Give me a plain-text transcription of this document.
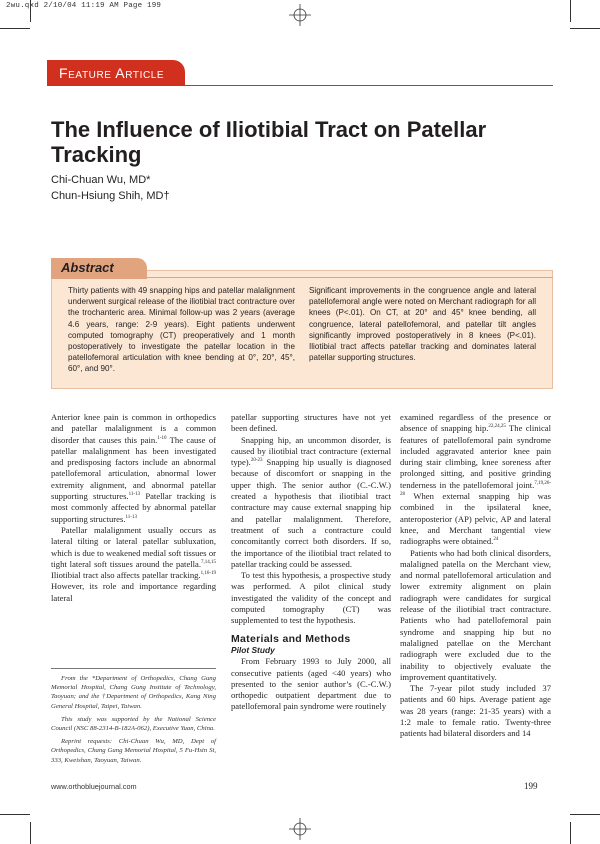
2wu.qxd 2/10/04 11:19 AM Page 199
Feature Article
The Influence of Iliotibial Tract on Patellar Tracking
Chi-Chuan Wu, MD*
Chun-Hsiung Shih, MD†
Abstract
Thirty patients with 49 snapping hips and patellar malalignment underwent surgical release of the iliotibial tract contracture over the trochanteric area. Minimal follow-up was 2 years (average 4.6 years, range: 2-9 years). Eight patients underwent computed tomography (CT) preoperatively and 1 month postoperatively to investigate the patellar location in the patellofemoral articulation with knee bending at 0°, 20°, 45°, 60°, and 90°.
Significant improvements in the congruence angle and lateral patellofemoral angle were noted on Merchant radiograph for all knees (P<.01). On CT, at 20° and 45° knee bending, all congruence, lateral patellofemoral, and patellar tilt angles significantly improved postoperatively in 8 knees (P<.01). Iliotibial tract affects patellar tracking and dominates lateral patellar supporting structures.

Anterior knee pain is common in orthopedics and patellar malalignment is a common disorder that causes this pain.$^{1-10}$ The cause of patellar malalignment has been investigated and predisposing factors include an abnormal patellofemoral articulation, abnormal lower extremity alignment, and abnormal patellar supporting structures.$^{11-13}$ Patellar tracking is most commonly affected by abnormal patellar supporting structures.$^{11-13}$

Patellar malalignment usually occurs as lateral tilting or lateral patellar subluxation, which is due to weakened medial soft tissues or tight lateral soft tissues around the patella.$^{7,14,15}$ Iliotibial tract also affects patellar tracking.$^{1,16-19}$ However, its role and importance regarding lateral

From the *Department of Orthopedics, Chang Gung Memorial Hospital, Chang Gung Institute of Technology, Taoyuan; and the †Department of Orthopedics, Kang Ning General Hospital, Taipei, Taiwan.

This study was supported by the National Science Council (NSC 88-2314-B-182A-062), Executive Yuan, China.

Reprint requests: Chi-Chuan Wu, MD, Dept of Orthopedics, Chang Gung Memorial Hospital, 5 Fu-Hsin St, 333, Kweishan, Taoyuan, Taiwan.

patellar supporting structures have not yet been defined.

Snapping hip, an uncommon disorder, is caused by iliotibial tract contracture (external type).$^{20-23}$ Snapping hip usually is diagnosed because of discomfort or snapping in the upper thigh. The senior author (C.-C.W.) created a hypothesis that iliotibial tract contracture may cause external snapping hip and patellar malalignment. Therefore, treatment of such a contracture could concomitantly correct both disorders. If so, the importance of the iliotibial tract related to patellar tracking could be assessed.

To test this hypothesis, a prospective study was performed. A pilot clinical study investigated the validity of the concept and computed tomography (CT) was supplemented to test the hypothesis.

Materials and Methods
Pilot Study

From February 1993 to July 2000, all consecutive patients (aged <40 years) who presented to the senior author’s (C.-C.W.) orthopedic outpatient department due to patellofemoral pain syndrome were routinely

examined regardless of the presence or absence of snapping hip.$^{22,24,25}$ The clinical features of patellofemoral pain syndrome included aggravated anterior knee pain during stair climbing, knee soreness after prolonged sitting, and positive grinding tenderness in the patellofemoral joint.$^{7,19,26-28}$ When external snapping hip was combined in the ipsilateral knee, anteroposterior (AP) pelvic, AP and lateral knee, and Merchant tangential view radiographs were obtained.$^{24}$

Patients who had both clinical disorders, malaligned patella on the Merchant view, and normal patellofemoral articulation and lower extremity alignment on plain radiograph were candidates for surgical release of the iliotibial tract contracture. Patients who had patellofemoral pain syndrome and snapping hip but no malaligned patellae on the Merchant radiograph were excluded due to the inability to objectively evaluate the improvement quantitatively.

The 7-year pilot study included 37 patients and 60 hips. Average patient age was 28 years (range: 21-35 years) with a 1:2 male to female ratio. Twenty-three patients had bilateral disorders and 14

www.orthobluejournal.com	199
